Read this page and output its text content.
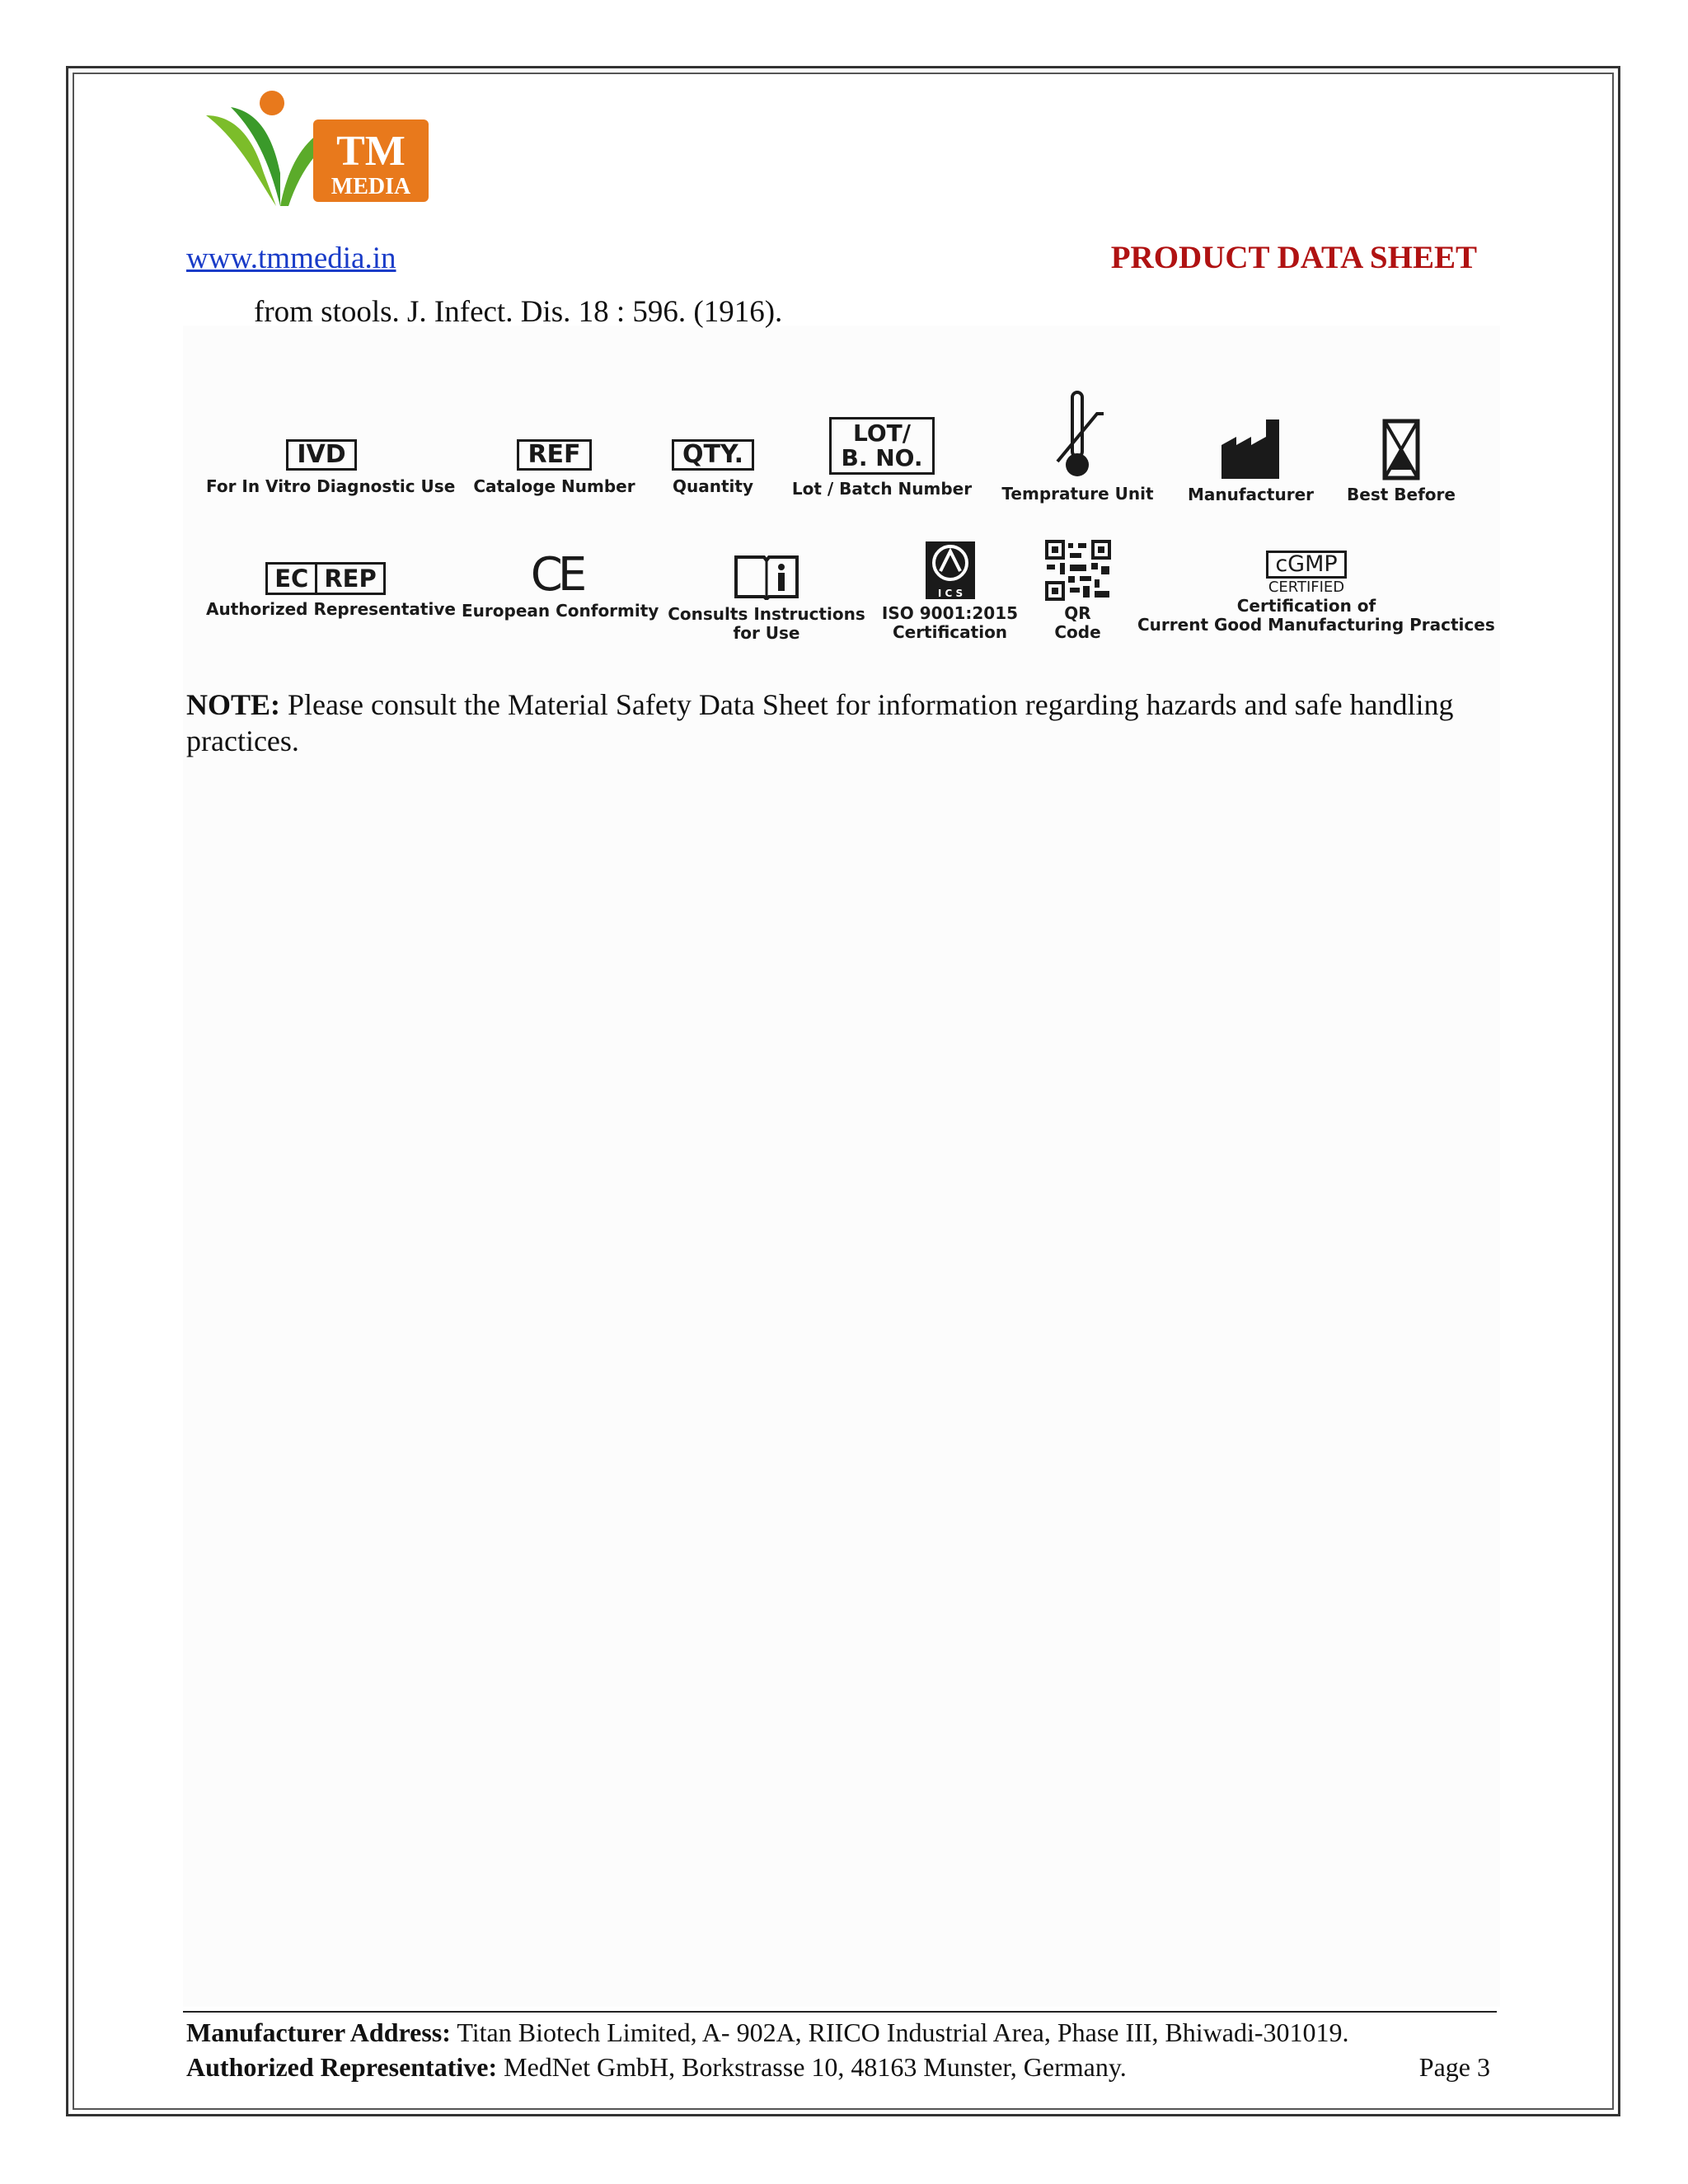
TM
MEDIA
www.tmmedia.in	PRODUCT DATA SHEET
from stools. J. Infect. Dis. 18 : 596. (1916).
IVD
For In Vitro Diagnostic Use
REF
Cataloge Number
QTY.
Quantity
LOT/
B. NO.
Lot / Batch Number Temprature Unit Manufacturer Best Before
EC REP
Authorized Representative
CE
European Conformity Consults Instructions
for Use
I C S
ISO 9001:2015
Certification
QR
Code
cGMP
CERTIFIED
Certification of
Current Good Manufacturing Practices
NOTE: Please consult the Material Safety Data Sheet for information regarding hazards and safe handling practices.
Manufacturer Address: Titan Biotech Limited, A- 902A, RIICO Industrial Area, Phase III, Bhiwadi-301019.
Authorized Representative: MedNet GmbH, Borkstrasse 10, 48163 Munster, Germany.	Page 3
